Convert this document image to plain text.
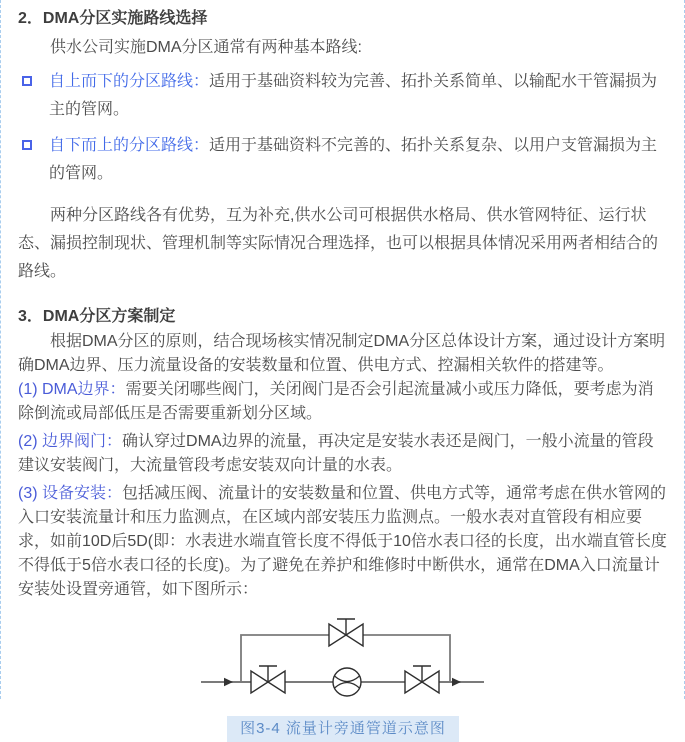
2．DMA分区实施路线选择

供水公司实施DMA分区通常有两种基本路线:

自上而下的分区路线：适用于基础资料较为完善、拓扑关系简单、以输配水干管漏损为主的管网。

自下而上的分区路线：适用于基础资料不完善的、拓扑关系复杂、以用户支管漏损为主的管网。

两种分区路线各有优势，互为补充,供水公司可根据供水格局、供水管网特征、运行状态、漏损控制现状、管理机制等实际情况合理选择，也可以根据具体情况采用两者相结合的路线。

3．DMA分区方案制定

根据DMA分区的原则，结合现场核实情况制定DMA分区总体设计方案，通过设计方案明确DMA边界、压力流量设备的安装数量和位置、供电方式、控漏相关软件的搭建等。

(1) DMA边界：需要关闭哪些阀门，关闭阀门是否会引起流量减小或压力降低，要考虑为消除倒流或局部低压是否需要重新划分区域。

(2) 边界阀门：确认穿过DMA边界的流量，再决定是安装水表还是阀门，一般小流量的管段建议安装阀门，大流量管段考虑安装双向计量的水表。

(3) 设备安装：包括减压阀、流量计的安装数量和位置、供电方式等，通常考虑在供水管网的入口安装流量计和压力监测点，在区域内部安装压力监测点。一般水表对直管段有相应要求，如前10D后5D(即：水表进水端直管长度不得低于10倍水表口径的长度，出水端直管长度不得低于5倍水表口径的长度)。为了避免在养护和维修时中断供水，通常在DMA入口流量计安装处设置旁通管，如下图所示：

图3-4 流量计旁通管道示意图
